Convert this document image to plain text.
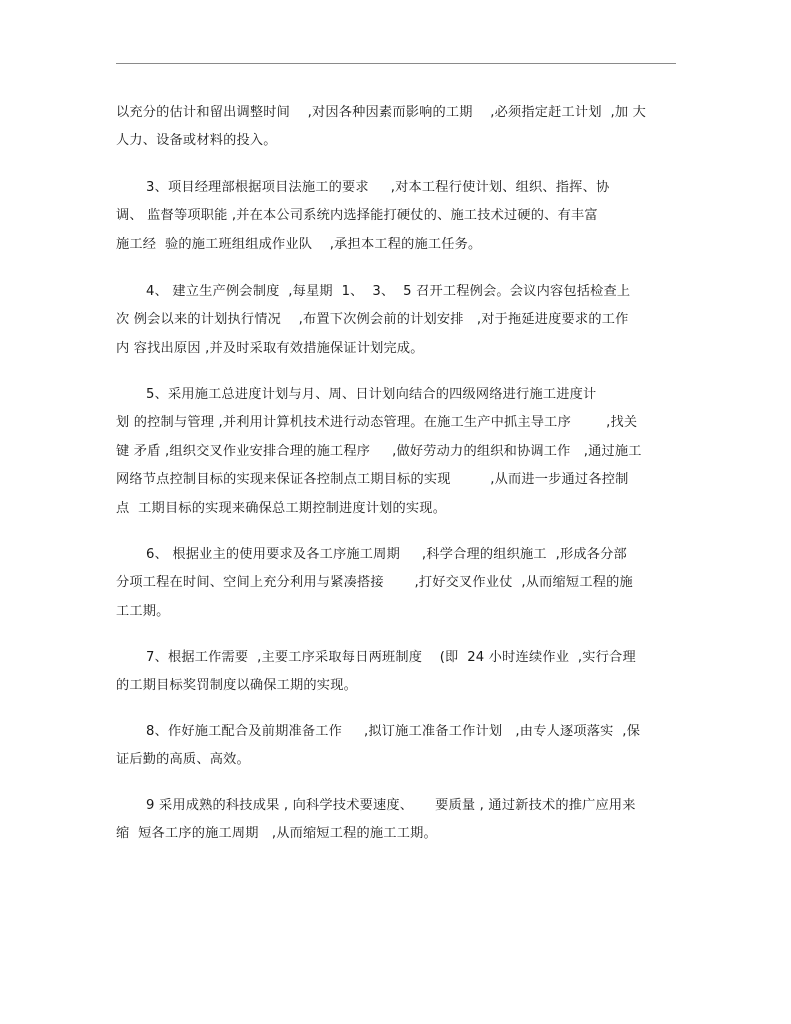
以充分的估计和留出调整时间    ,对因各种因素而影响的工期    ,必须指定赶工计划  ,加 大
人力、设备或材料的投入。
3、项目经理部根据项目法施工的要求     ,对本工程行使计划、组织、指挥、协
调、 监督等项职能 ,并在本公司系统内选择能打硬仗的、施工技术过硬的、有丰富
施工经  验的施工班组组成作业队    ,承担本工程的施工任务。
4、 建立生产例会制度  ,每星期  1、  3、  5 召开工程例会。会议内容包括检查上
次 例会以来的计划执行情况    ,布置下次例会前的计划安排   ,对于拖延进度要求的工作
内 容找出原因 ,并及时采取有效措施保证计划完成。
5、采用施工总进度计划与月、周、日计划向结合的四级网络进行施工进度计
划 的控制与管理 ,并利用计算机技术进行动态管理。在施工生产中抓主导工序        ,找关
键 矛盾 ,组织交叉作业安排合理的施工程序     ,做好劳动力的组织和协调工作   ,通过施工
网络节点控制目标的实现来保证各控制点工期目标的实现         ,从而进一步通过各控制
点  工期目标的实现来确保总工期控制进度计划的实现。
6、 根据业主的使用要求及各工序施工周期     ,科学合理的组织施工  ,形成各分部
分项工程在时间、空间上充分利用与紧凑搭接       ,打好交叉作业仗  ,从而缩短工程的施
工工期。
7、根据工作需要  ,主要工序采取每日两班制度    (即  24 小时连续作业  ,实行合理
的工期目标奖罚制度以确保工期的实现。
8、作好施工配合及前期准备工作     ,拟订施工准备工作计划   ,由专人逐项落实  ,保
证后勤的高质、高效。
9 采用成熟的科技成果 , 向科学技术要速度、     要质量 , 通过新技术的推广应用来
缩  短各工序的施工周期   ,从而缩短工程的施工工期。
